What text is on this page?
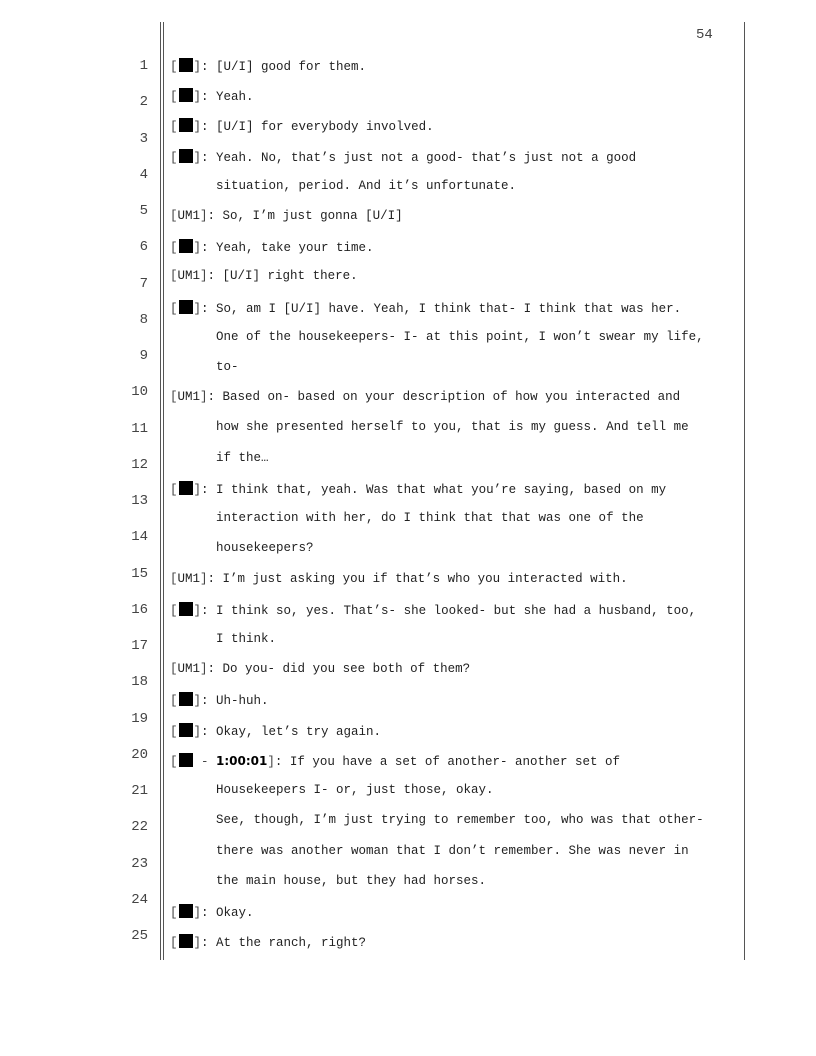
54
1
2
3
4
5
6
7
8
9
10
11
12
13
14
15
16
17
18
19
20
21
22
23
24
25
[ ]: [U/I] good for them.
[ ]: Yeah.
[ ]: [U/I] for everybody involved.
[ ]: Yeah. No, that’s just not a good- that’s just not a good
situation, period. And it’s unfortunate.
[UM1]: So, I’m just gonna [U/I]
[ ]: Yeah, take your time.
[UM1]: [U/I] right there.
[ ]: So, am I [U/I] have. Yeah, I think that- I think that was her.
One of the housekeepers- I- at this point, I won’t swear my life,
to-
[UM1]: Based on- based on your description of how you interacted and
how she presented herself to you, that is my guess. And tell me
if the…
[ ]: I think that, yeah. Was that what you’re saying, based on my
interaction with her, do I think that that was one of the
housekeepers?
[UM1]: I’m just asking you if that’s who you interacted with.
[ ]: I think so, yes. That’s- she looked- but she had a husband, too,
I think.
[UM1]: Do you- did you see both of them?
[ ]: Uh-huh.
[ ]: Okay, let’s try again.
[ - 1:00:01]: If you have a set of another- another set of
Housekeepers I- or, just those, okay.
See, though, I’m just trying to remember too, who was that other-
there was another woman that I don’t remember. She was never in
the main house, but they had horses.
[ ]: Okay.
[ ]: At the ranch, right?
